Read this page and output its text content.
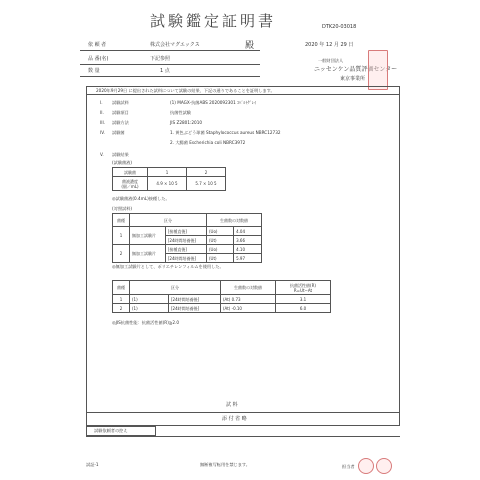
試験鑑定証明書	DTK20-03018
依 頼 者	株式会社マグエックス	殿	2020 年 12 月 29 日
品 番(名)	下記参照
数 量	1 点
一般財団法人
ニッセンケン品質評価センター
東京事業所
2020年9月29日 に提出された試料について試験の結果、下記の通りであることを証明します。
I. 試験試料	(1) MAGX-抗菌ABS 2020092301 ｺﾊﾞﾙﾄｸﾞﾚｲ
II. 試験項目	抗菌性試験
III. 試験方法	JIS Z2801:2010
IV. 試験菌	1. 黄色ぶどう球菌 Staphylococcus aureus NBRC12732
2. 大腸菌 Escherichia coli NBRC3972
V. 試験結果
(試験菌液)
試験菌	1	2
菌液濃度
(個／mL)	4.9 × 10 5	5.7 × 10 5
◎試験菌液(0.4mL)接種した。
(対照試料)
菌種	区分		生菌数の対数値	
1	無加工試験片	[接種直後]	(Uo)	4.04
		[24時間培養後]	(Ut)	3.66
2	無加工試験片	[接種直後]	(Uo)	4.10
		[24時間培養後]	(Ut)	5.97
◎無加工試験片として、ポリエチレンフィルムを使用した。
菌種	区分		生菌数の対数値	抗菌活性値(R)
R=Ut−At
1	(1)	[24時間培養後]	(At) 0.73	3.1
2	(1)	[24時間培養後]	(At) -0.10	6.0
◎JIS抗菌性能：抗菌活性値(R)≧2.0
試 料
添 付 省 略
試験依頼者の控え
試証-1	無断複写転用を禁じます。	担当者
